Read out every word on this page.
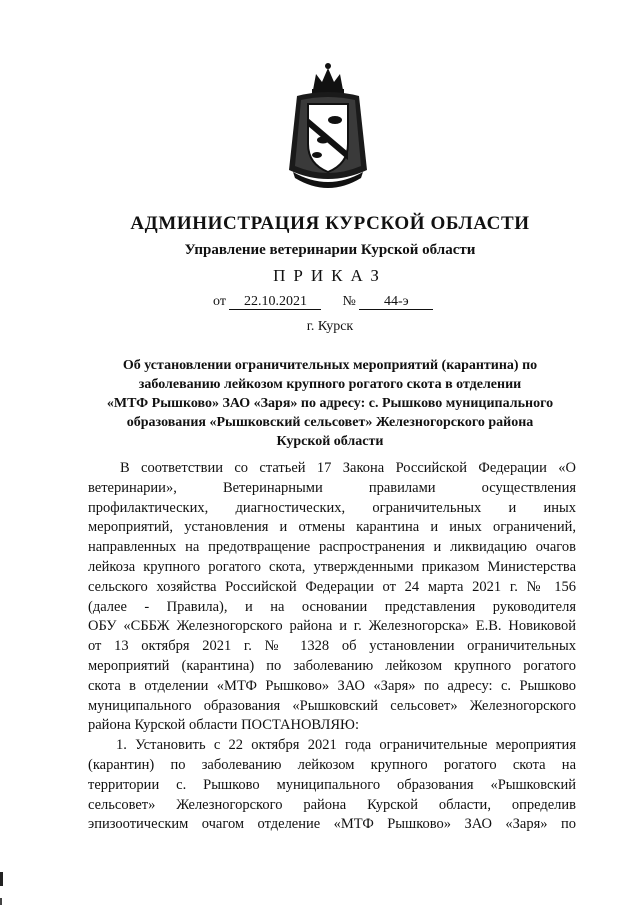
АДМИНИСТРАЦИЯ КУРСКОЙ ОБЛАСТИ
Управление ветеринарии Курской области
ПРИКАЗ
от 22.10.2021	№ 44-э
г. Курск
Об установлении ограничительных мероприятий (карантина) по
заболеванию лейкозом крупного рогатого скота в отделении
«МТФ Рышково» ЗАО «Заря» по адресу: с. Рышково муниципального
образования «Рышковский сельсовет» Железногорского района
Курской области
В соответствии со статьей 17 Закона Российской Федерации «О
ветеринарии», Ветеринарными правилами осуществления
профилактических, диагностических, ограничительных и иных
мероприятий, установления и отмены карантина и иных ограничений,
направленных на предотвращение распространения и ликвидацию очагов
лейкоза крупного рогатого скота, утвержденными приказом Министерства
сельского хозяйства Российской Федерации от 24 марта 2021 г. № 156
(далее - Правила), и на основании представления руководителя
ОБУ «СББЖ Железногорского района и г. Железногорска» Е.В. Новиковой
от 13 октября 2021 г. № 1328 об установлении ограничительных
мероприятий (карантина) по заболеванию лейкозом крупного рогатого
скота в отделении «МТФ Рышково» ЗАО «Заря» по адресу: с. Рышково
муниципального образования «Рышковский сельсовет» Железногорского
района Курской области ПОСТАНОВЛЯЮ:
1. Установить с 22 октября 2021 года ограничительные мероприятия
(карантин) по заболеванию лейкозом крупного рогатого скота на
территории с. Рышково муниципального образования «Рышковский
сельсовет» Железногорского района Курской области, определив
эпизоотическим очагом отделение «МТФ Рышково» ЗАО «Заря» по
